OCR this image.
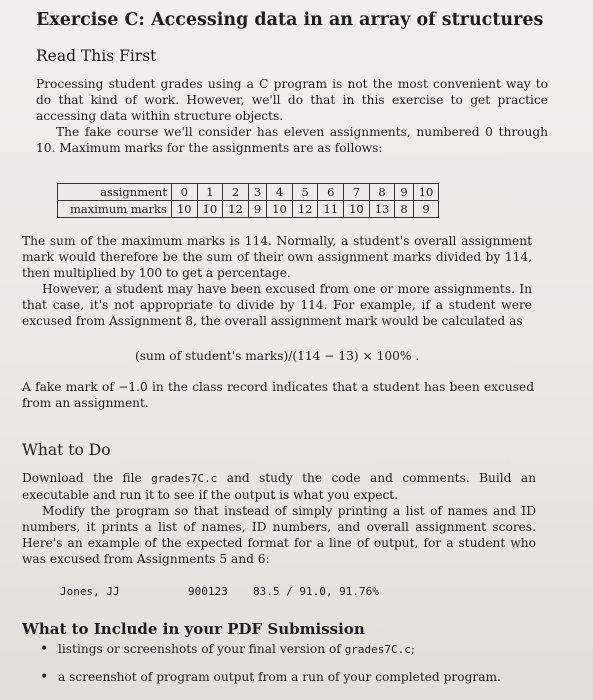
Exercise C: Accessing data in an array of structures
Read This First

Processing student grades using a C program is not the most convenient way to do that kind of work. However, we'll do that in this exercise to get practice accessing data within structure objects.

The fake course we'll consider has eleven assignments, numbered 0 through 10. Maximum marks for the assignments are as follows:

assignment	0	1	2	3	4	5	6	7	8	9	10
maximum marks	10	10	12	9	10	12	11	10	13	8	9

The sum of the maximum marks is 114. Normally, a student's overall assignment mark would therefore be the sum of their own assignment marks divided by 114, then multiplied by 100 to get a percentage.

However, a student may have been excused from one or more assignments. In that case, it's not appropriate to divide by 114. For example, if a student were excused from Assignment 8, the overall assignment mark would be calculated as

(sum of student's marks)/(114 − 13) × 100% .

A fake mark of −1.0 in the class record indicates that a student has been excused from an assignment.

What to Do

Download the file grades7C.c and study the code and comments. Build an executable and run it to see if the output is what you expect.

Modify the program so that instead of simply printing a list of names and ID numbers, it prints a list of names, ID numbers, and overall assignment scores. Here's an example of the expected format for a line of output, for a student who was excused from Assignments 5 and 6:

Jones, JJ	900123 83.5 / 91.0, 91.76%
What to Include in your PDF Submission
• listings or screenshots of your final version of grades7C.c;
• a screenshot of program output from a run of your completed program.
